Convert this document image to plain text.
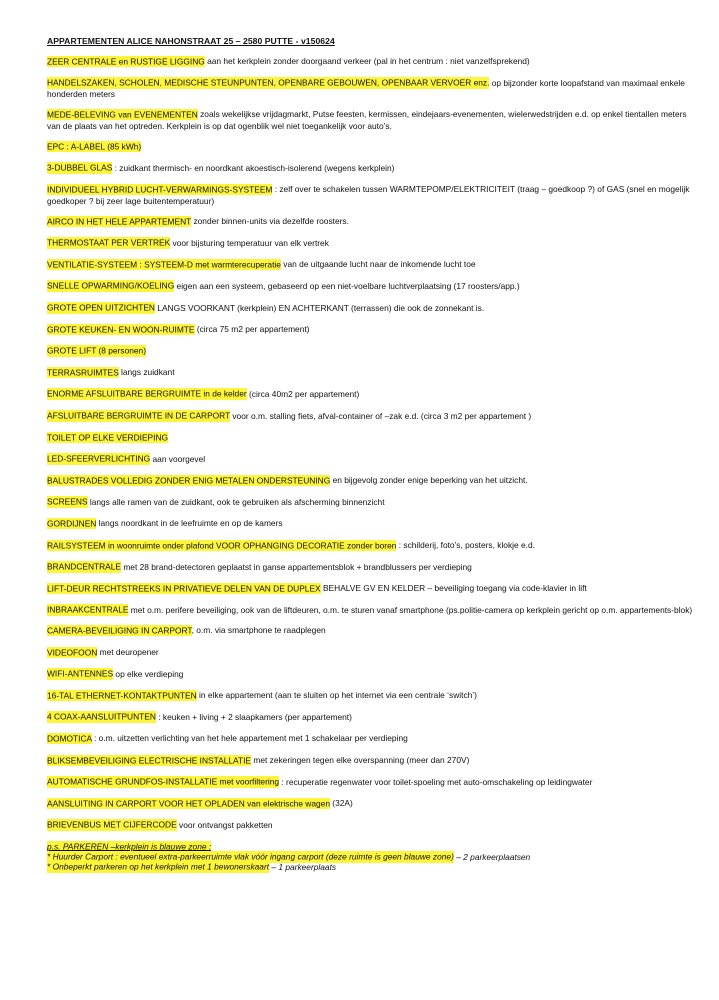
APPARTEMENTEN ALICE NAHONSTRAAT 25 – 2580 PUTTE - v150624
ZEER CENTRALE en RUSTIGE LIGGING aan het kerkplein zonder doorgaand verkeer (pal in het centrum : niet vanzelfsprekend)
HANDELSZAKEN, SCHOLEN, MEDISCHE STEUNPUNTEN, OPENBARE GEBOUWEN, OPENBAAR VERVOER enz. op bijzonder korte loopafstand van maximaal enkele honderden meters
MEDE-BELEVING van EVENEMENTEN zoals wekelijkse vrijdagmarkt, Putse feesten, kermissen, eindejaars-evenementen, wielerwedstrijden e.d. op enkel tientallen meters van de plaats van het optreden. Kerkplein is op dat ogenblik wel niet toegankelijk voor auto’s.
EPC : A-LABEL (85 kWh)
3-DUBBEL GLAS : zuidkant thermisch- en noordkant akoestisch-isolerend (wegens kerkplein)
INDIVIDUEEL HYBRID LUCHT-VERWARMINGS-SYSTEEM : zelf over te schakelen tussen WARMTEPOMP/ELEKTRICITEIT (traag – goedkoop ?) of GAS (snel en mogelijk goedkoper ? bij zeer lage buitentemperatuur)
AIRCO IN HET HELE APPARTEMENT zonder binnen-units via dezelfde roosters.
THERMOSTAAT PER VERTREK voor bijsturing temperatuur van elk vertrek
VENTILATIE-SYSTEEM : SYSTEEM-D met warmterecuperatie van de uitgaande lucht naar de inkomende lucht toe
SNELLE OPWARMING/KOELING eigen aan een systeem, gebaseerd op een niet-voelbare luchtverplaatsing (17 roosters/app.)
GROTE OPEN UITZICHTEN LANGS VOORKANT (kerkplein) EN ACHTERKANT (terrassen) die ook de zonnekant is.
GROTE KEUKEN- EN WOON-RUIMTE (circa 75 m2 per appartement)
GROTE LIFT (8 personen)
TERRASRUIMTES langs zuidkant
ENORME AFSLUITBARE BERGRUIMTE in de kelder (circa 40m2 per appartement)
AFSLUITBARE BERGRUIMTE IN DE CARPORT voor o.m. stalling fiets, afval-container of –zak e.d. (circa 3 m2 per appartement )
TOILET OP ELKE VERDIEPING
LED-SFEERVERLICHTING aan voorgevel
BALUSTRADES VOLLEDIG ZONDER ENIG METALEN ONDERSTEUNING en bijgevolg zonder enige beperking van het uitzicht.
SCREENS langs alle ramen van de zuidkant, ook te gebruiken als afscherming binnenzicht
GORDIJNEN langs noordkant in de leefruimte en op de kamers
RAILSYSTEEM in woonruimte onder plafond VOOR OPHANGING DECORATIE zonder boren : schilderij, foto’s, posters, klokje e.d.
BRANDCENTRALE met 28 brand-detectoren geplaatst in ganse appartementsblok + brandblussers per verdieping
LIFT-DEUR RECHTSTREEKS IN PRIVATIEVE DELEN VAN DE DUPLEX BEHALVE GV EN KELDER – beveiliging toegang via code-klavier in lift
INBRAAKCENTRALE met o.m. perifere beveiliging, ook van de liftdeuren, o.m. te sturen vanaf smartphone (ps.politie-camera op kerkplein gericht op o.m. appartements-blok)
CAMERA-BEVEILIGING IN CARPORT, o.m. via smartphone te raadplegen
VIDEOFOON met deuropener
WIFI-ANTENNES op elke verdieping
16-TAL ETHERNET-KONTAKTPUNTEN in elke appartement (aan te sluiten op het internet via een centrale ‘switch’)
4 COAX-AANSLUITPUNTEN : keuken + living + 2 slaapkamers (per appartement)
DOMOTICA : o.m. uitzetten verlichting van het hele appartement met 1 schakelaar per verdieping
BLIKSEMBEVEILIGING ELECTRISCHE INSTALLATIE met zekeringen tegen elke overspanning (meer dan 270V)
AUTOMATISCHE GRUNDFOS-INSTALLATIE met voorfiltering : recuperatie regenwater voor toilet-spoeling met auto-omschakeling op leidingwater
AANSLUITING IN CARPORT VOOR HET OPLADEN van elektrische wagen (32A)
BRIEVENBUS MET CIJFERCODE voor ontvangst pakketten
p.s. PARKEREN –kerkplein is blauwe zone :
* Huurder Carport : eventueel extra-parkeerruimte vlak vóór ingang carport (deze ruimte is geen blauwe zone) – 2 parkeerplaatsen
* Onbeperkt parkeren op het kerkplein met 1 bewonerskaart – 1 parkeerplaats
